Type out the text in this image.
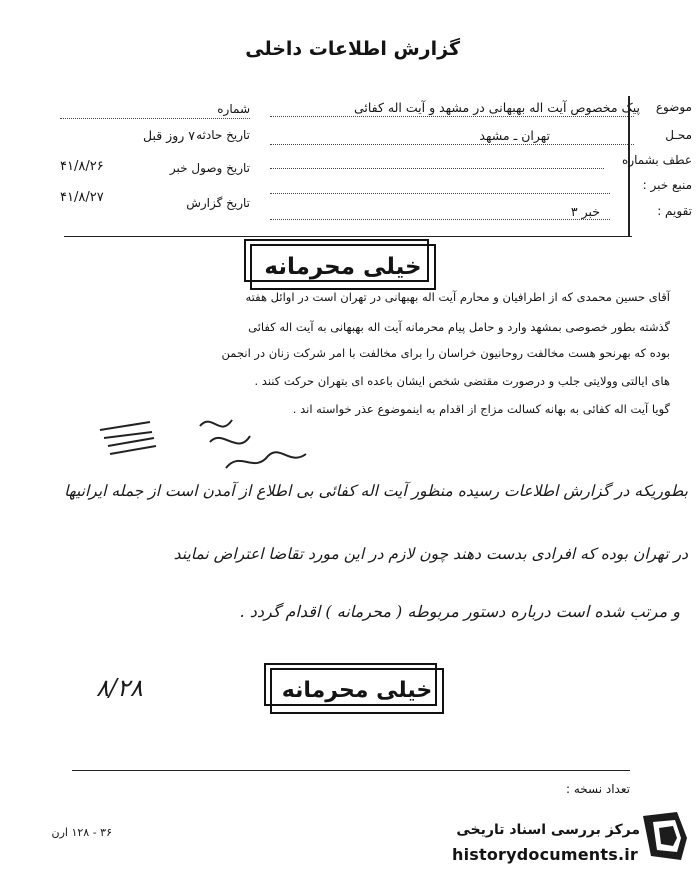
گزارش اطلاعات داخلی
موضوع
پیک مخصوص آیت اله بهبهانی در مشهد و آیت اله کفائی
محـل
تهران ـ مشهد
عطف بشماره
منبع خبر :
تقویم :
خبر ۳
شماره
تاریخ حادثه
۷ روز قبل
تاریخ وصول خبر
۴۱/۸/۲۶
تاریخ گزارش
۴۱/۸/۲۷
خیلی محرمانه
آقای حسین محمدی که از اطرافیان و محارم آیت اله بهبهانی در تهران است در اوائل هفته
گذشته بطور خصوصی بمشهد وارد و حامل پیام محرمانه آیت اله بهبهانی به آیت اله کفائی
بوده که بهرنحو هست مخالفت روحانیون خراسان را برای مخالفت با امر شرکت زنان در انجمن
های ایالتی وولایتی جلب و درصورت مقتضی شخص ایشان باعده ای بتهران حرکت کنند .
گویا آیت اله کفائی به بهانه کسالت مزاج از اقدام به اینموضوع عذر خواسته اند .
بطوریکه در گزارش اطلاعات رسیده منظور آیت اله کفائی بی اطلاع از آمدن است از جمله ایرانیها
در تهران بوده که افرادی بدست دهند چون لازم در این مورد تقاضا اعتراض نمایند
و مرتب شده است درباره دستور مربوطه ( محرمانه ) اقدام گردد .
۸/۲۸	خیلی محرمانه
تعداد نسخه :
۳۶ - ۱۲۸ ارن	مرکز بررسی اسناد تاریخی
historydocuments.ir
